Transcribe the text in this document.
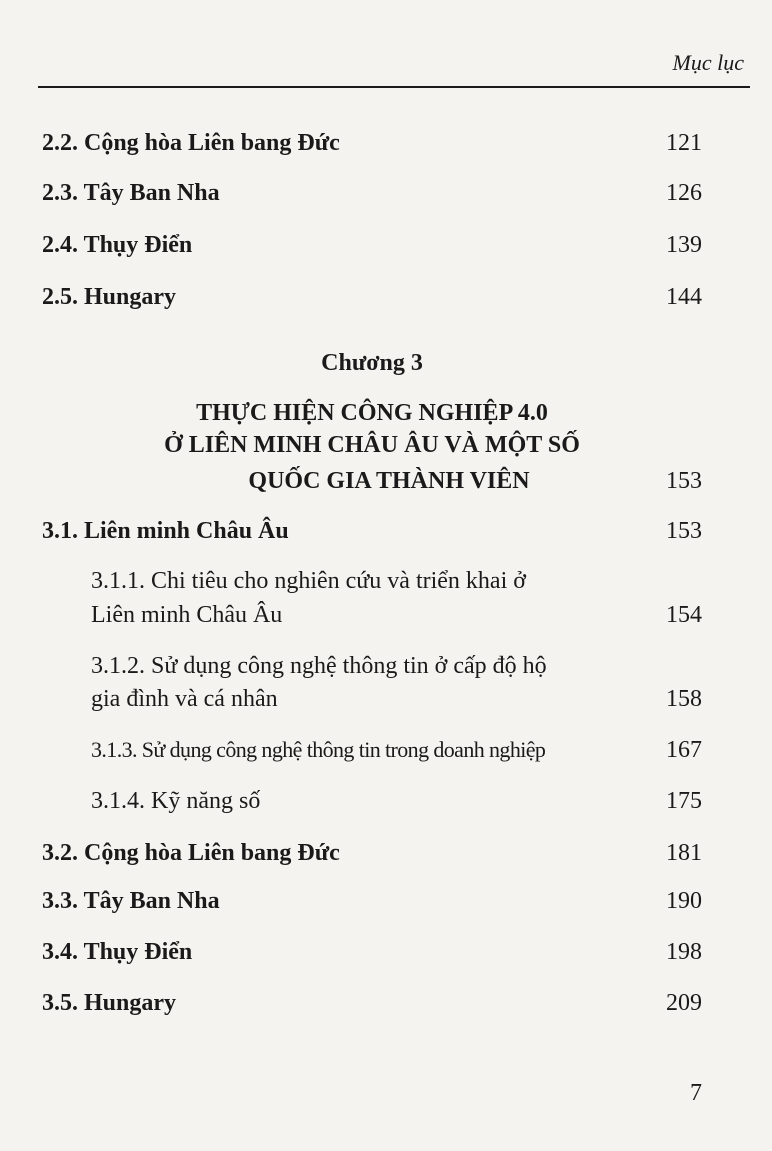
Mục lục
2.2. Cộng hòa Liên bang Đức	121
2.3. Tây Ban Nha	126
2.4. Thụy Điển	139
2.5. Hungary	144
Chương 3
THỰC HIỆN CÔNG NGHIỆP 4.0
Ở LIÊN MINH CHÂU ÂU VÀ MỘT SỐ
QUỐC GIA THÀNH VIÊN	153
3.1. Liên minh Châu Âu	153
3.1.1. Chi tiêu cho nghiên cứu và triển khai ở
Liên minh Châu Âu	154
3.1.2. Sử dụng công nghệ thông tin ở cấp độ hộ
gia đình và cá nhân	158
3.1.3. Sử dụng công nghệ thông tin trong doanh nghiệp	167
3.1.4. Kỹ năng số	175
3.2. Cộng hòa Liên bang Đức	181
3.3. Tây Ban Nha	190
3.4. Thụy Điển	198
3.5. Hungary	209
7
